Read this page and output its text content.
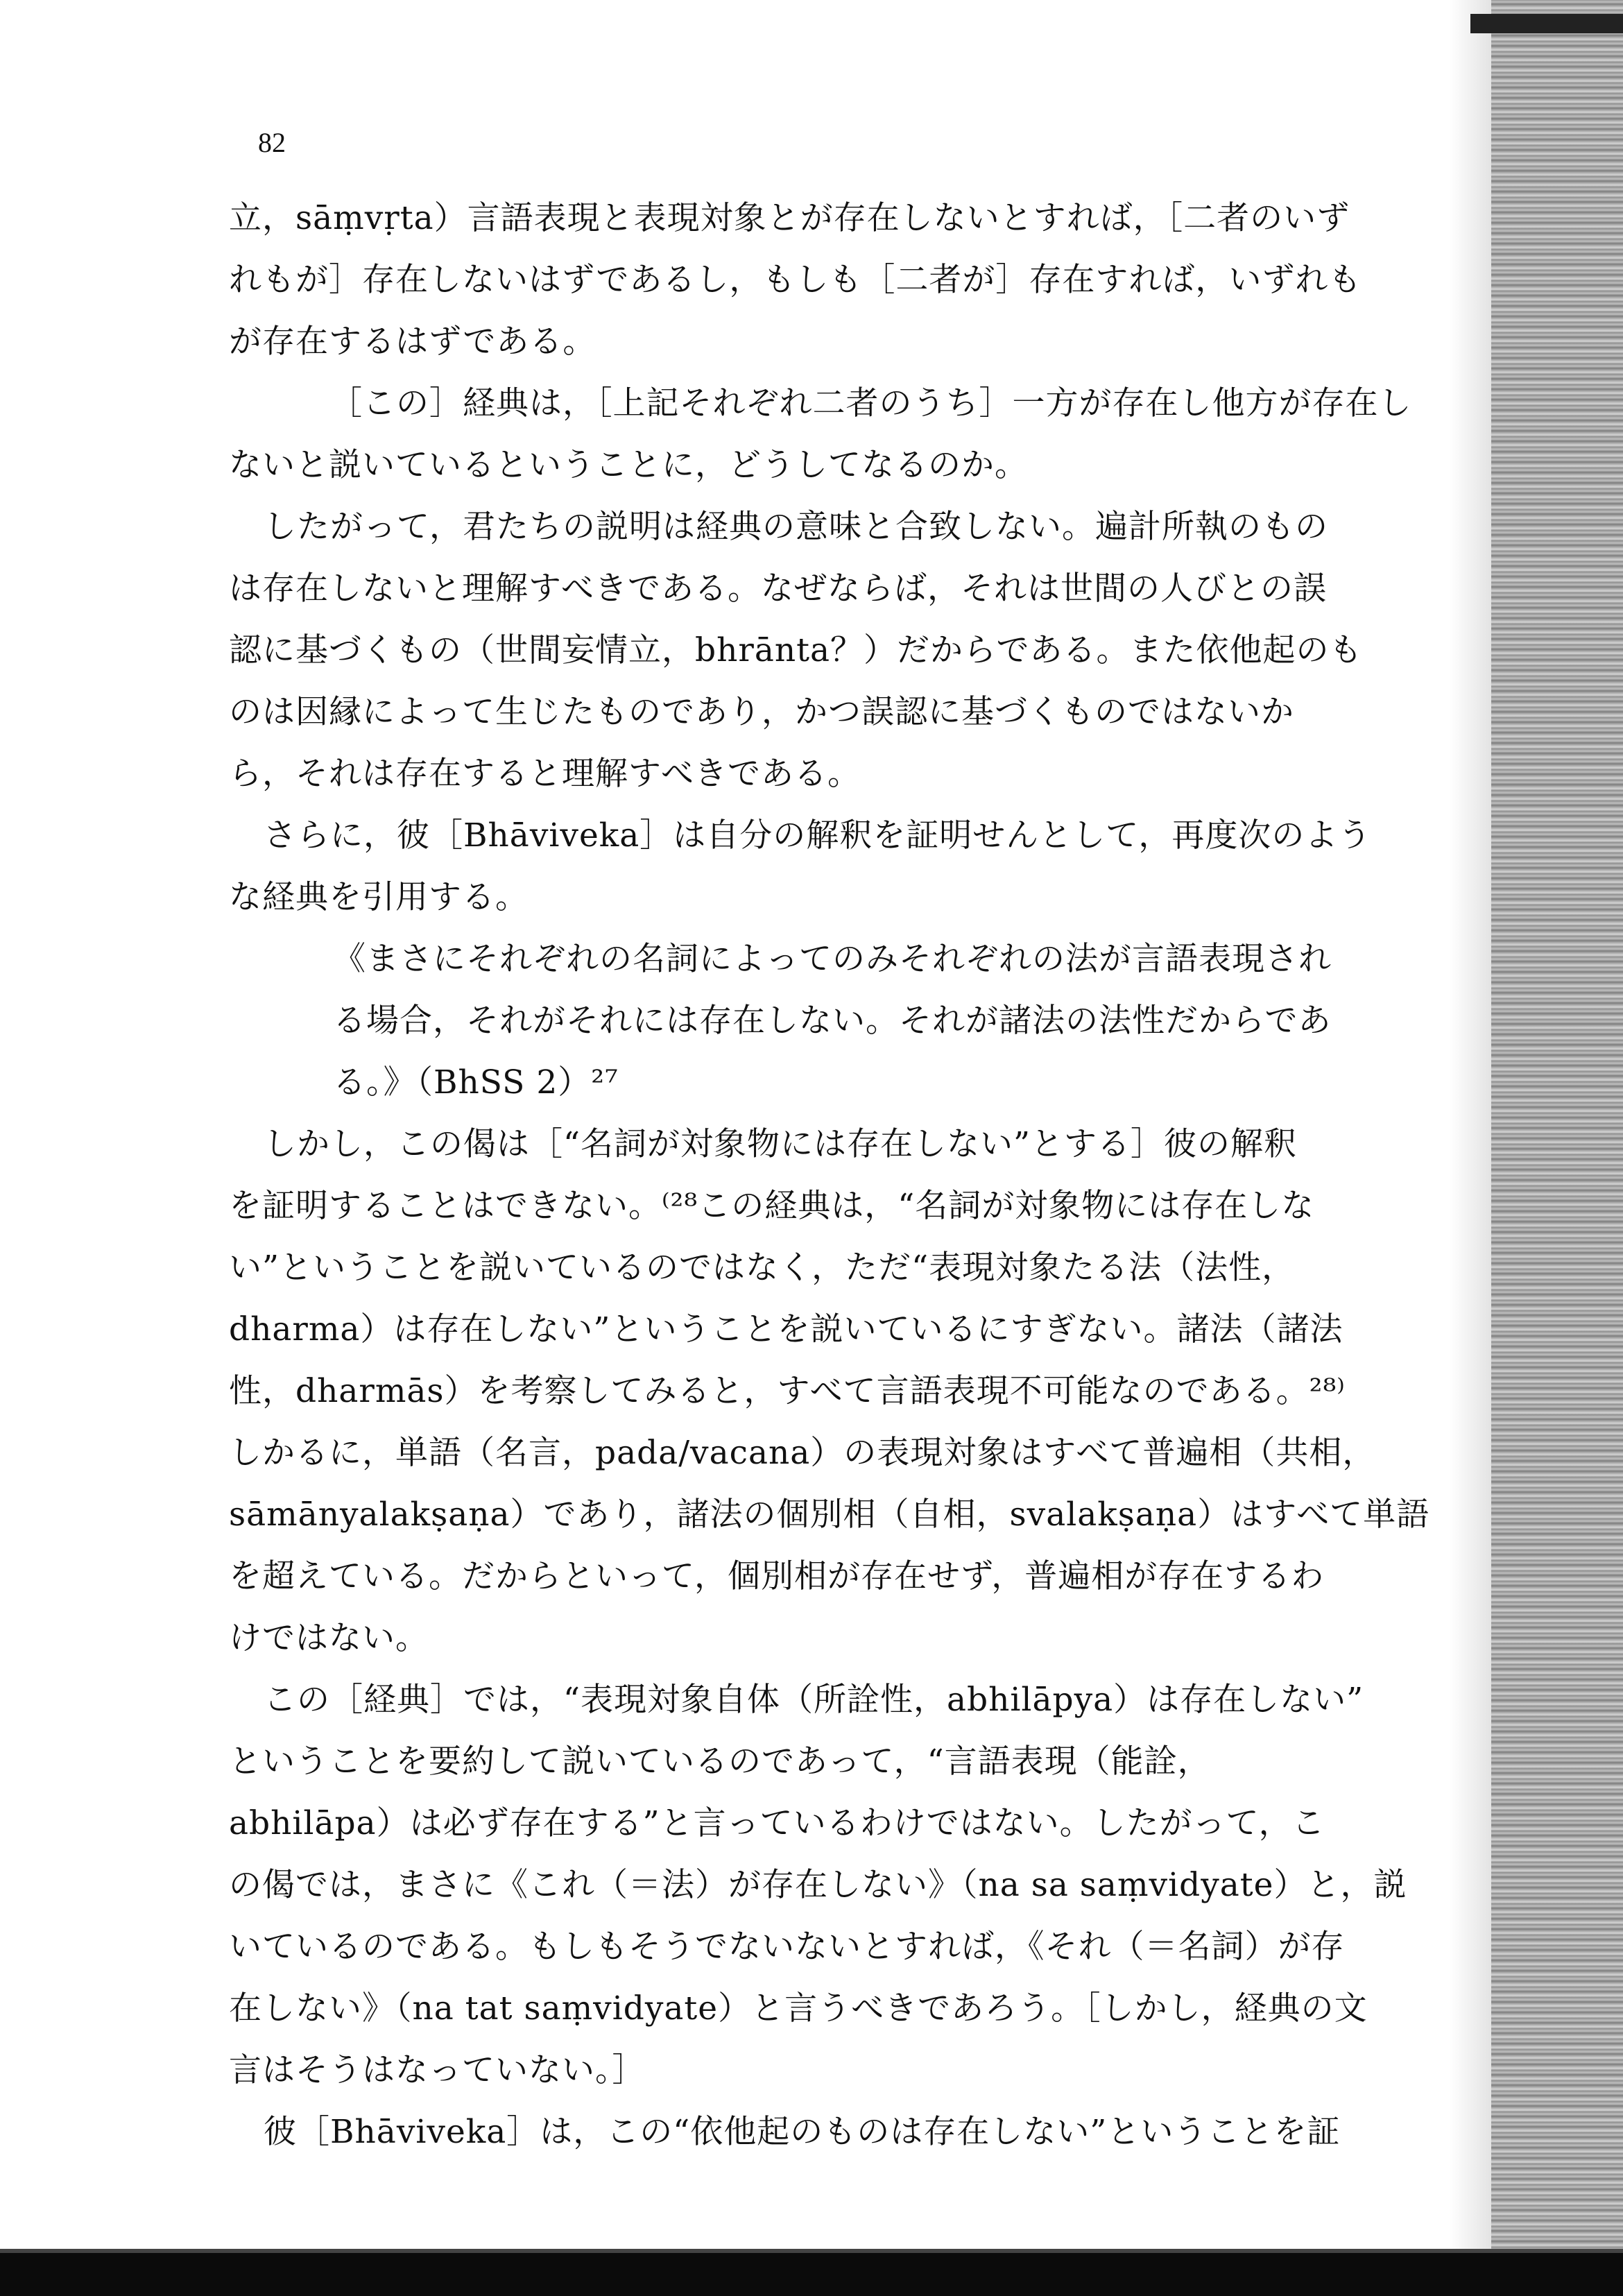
82
立，sāṃvṛta）言語表現と表現対象とが存在しないとすれば，［二者のいず
れもが］存在しないはずであるし，もしも［二者が］存在すれば，いずれも
が存在するはずである。
［この］経典は，［上記それぞれ二者のうち］一方が存在し他方が存在し
ないと説いているということに，どうしてなるのか。
したがって，君たちの説明は経典の意味と合致しない。遍計所執のもの
は存在しないと理解すべきである。なぜならば，それは世間の人びとの誤
認に基づくもの（世間妄情立，bhrānta？）だからである。また依他起のも
のは因縁によって生じたものであり，かつ誤認に基づくものではないか
ら，それは存在すると理解すべきである。
さらに，彼［Bhāviveka］は自分の解釈を証明せんとして，再度次のよう
な経典を引用する。
《まさにそれぞれの名詞によってのみそれぞれの法が言語表現され
る場合，それがそれには存在しない。それが諸法の法性だからであ
る。》（BhSS 2）²⁷
しかし，この偈は［“名詞が対象物には存在しない”とする］彼の解釈
を証明することはできない。⁽²⁸この経典は，“名詞が対象物には存在しな
い”ということを説いているのではなく，ただ“表現対象たる法（法性，
dharma）は存在しない”ということを説いているにすぎない。諸法（諸法
性，dharmās）を考察してみると，すべて言語表現不可能なのである。²⁸⁾
しかるに，単語（名言，pada/vacana）の表現対象はすべて普遍相（共相，
sāmānyalakṣaṇa）であり，諸法の個別相（自相，svalakṣaṇa）はすべて単語
を超えている。だからといって，個別相が存在せず，普遍相が存在するわ
けではない。
この［経典］では，“表現対象自体（所詮性，abhilāpya）は存在しない”
ということを要約して説いているのであって，“言語表現（能詮，
abhilāpa）は必ず存在する”と言っているわけではない。したがって，こ
の偈では，まさに《これ（＝法）が存在しない》（na sa saṃvidyate）と，説
いているのである。もしもそうでないないとすれば，《それ（＝名詞）が存
在しない》（na tat saṃvidyate）と言うべきであろう。［しかし，経典の文
言はそうはなっていない。］
彼［Bhāviveka］は，この“依他起のものは存在しない”ということを証
